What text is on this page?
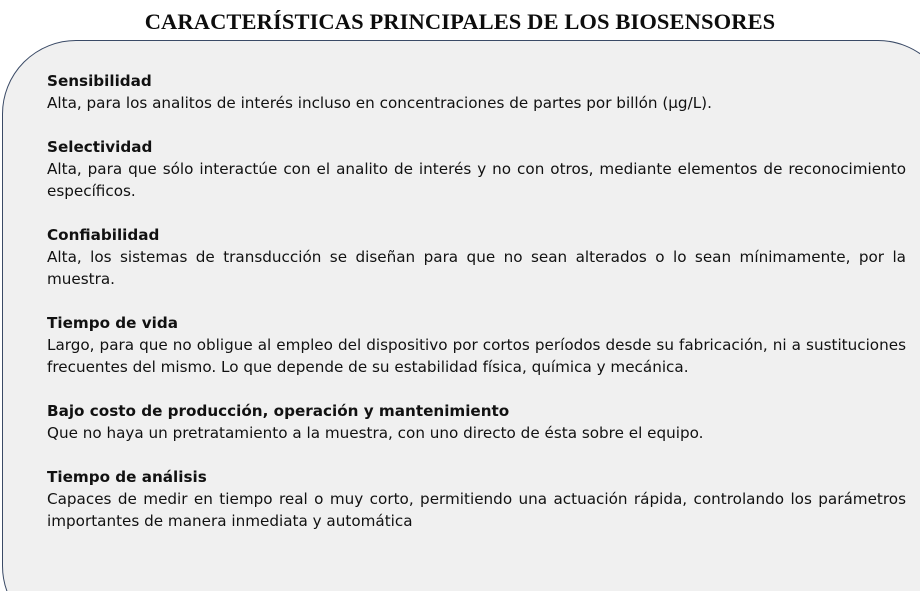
CARACTERÍSTICAS PRINCIPALES DE LOS BIOSENSORES
Sensibilidad
Alta, para los analitos de interés incluso en concentraciones de partes por billón (µg/L).
Selectividad
Alta, para que sólo interactúe con el analito de interés y no con otros, mediante elementos de reconocimiento específicos.
Confiabilidad
Alta, los sistemas de transducción se diseñan para que no sean alterados o lo sean mínimamente, por la muestra.
Tiempo de vida
Largo, para que no obligue al empleo del dispositivo por cortos períodos desde su fabricación, ni a sustituciones frecuentes del mismo. Lo que depende de su estabilidad física, química y mecánica.
Bajo costo de producción, operación y mantenimiento
Que no haya un pretratamiento a la muestra, con uno directo de ésta sobre el equipo.
Tiempo de análisis
Capaces de medir en tiempo real o muy corto, permitiendo una actuación rápida, controlando los parámetros importantes de manera inmediata y automática
